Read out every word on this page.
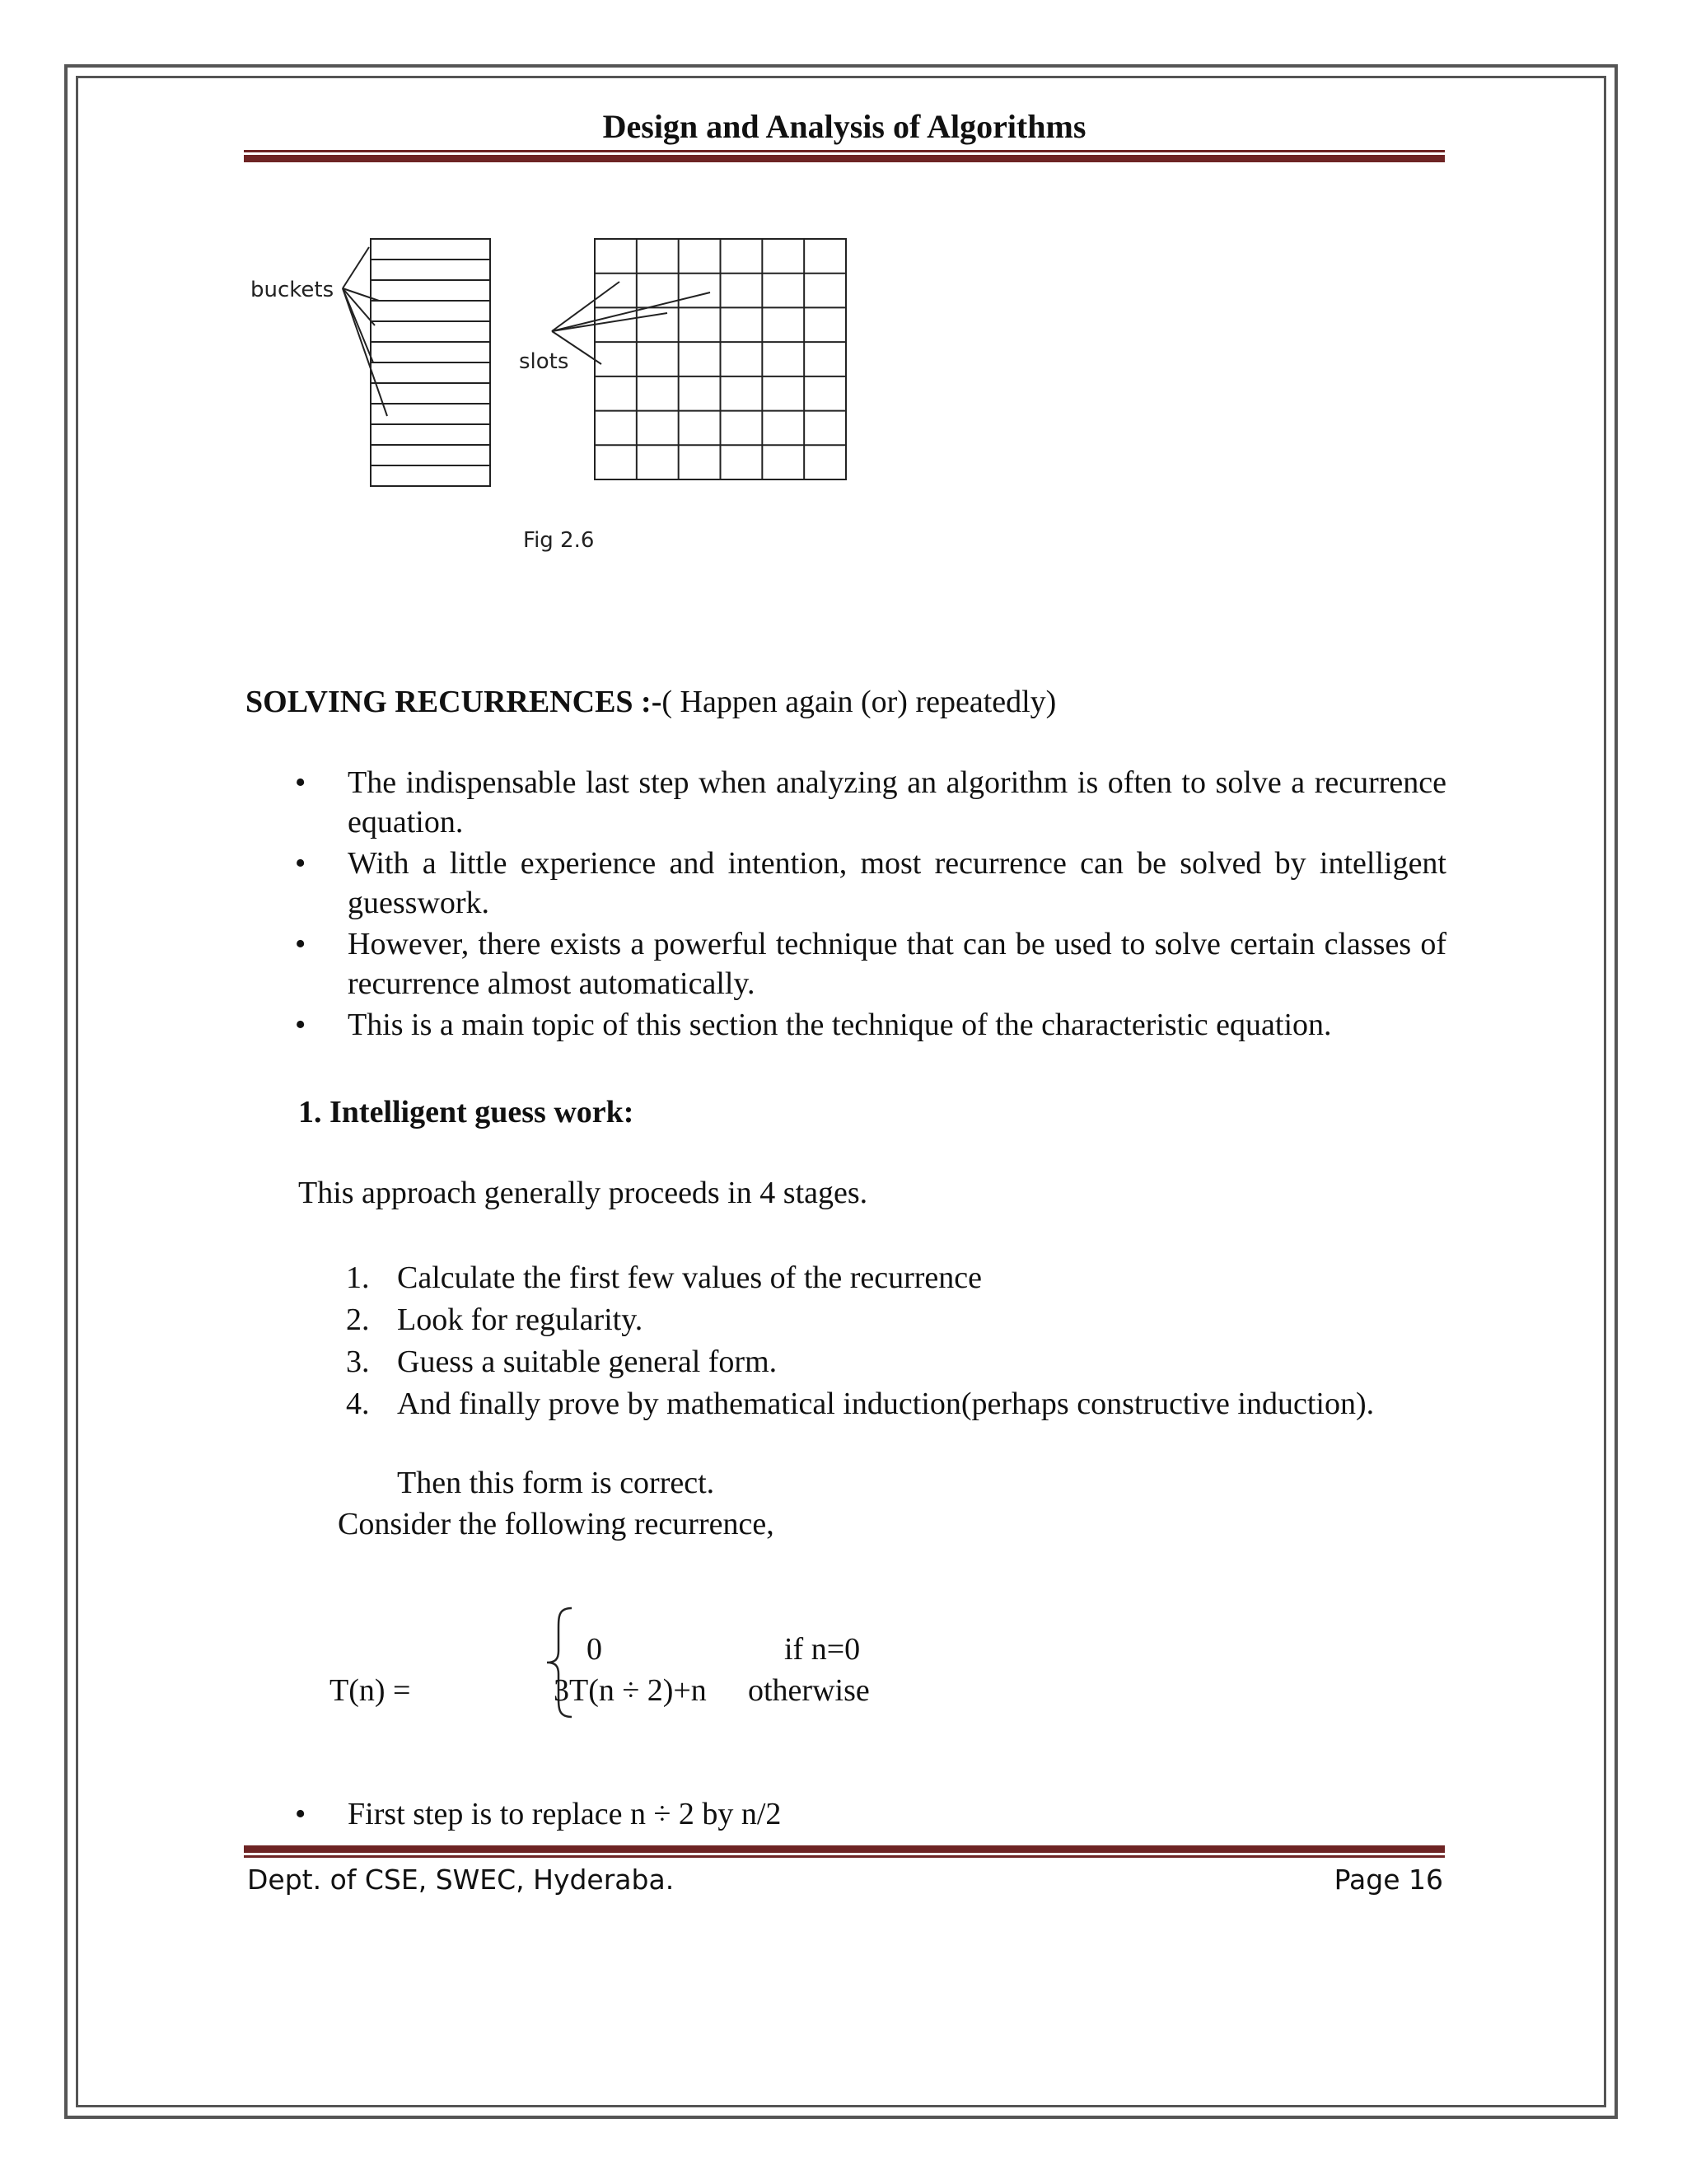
Design and Analysis of Algorithms
buckets
slots
Fig 2.6
SOLVING RECURRENCES :-( Happen again (or) repeatedly)
• The indispensable last step when analyzing an algorithm is often to solve a recurrence equation.
• With a little experience and intention, most recurrence can be solved by intelligent guesswork.
• However, there exists a powerful technique that can be used to solve certain classes of recurrence almost automatically.
• This is a main topic of this section the technique of the characteristic equation.
1. Intelligent guess work:
This approach generally proceeds in 4 stages.
1. Calculate the first few values of the recurrence
2. Look for regularity.
3. Guess a suitable general form.
4. And finally prove by mathematical induction(perhaps constructive induction).
Then this form is correct.
Consider the following recurrence,
T(n) =
0	if n=0
3T(n ÷ 2)+n otherwise
• First step is to replace n ÷ 2 by n/2
Dept. of CSE, SWEC, Hyderaba.	Page 16
